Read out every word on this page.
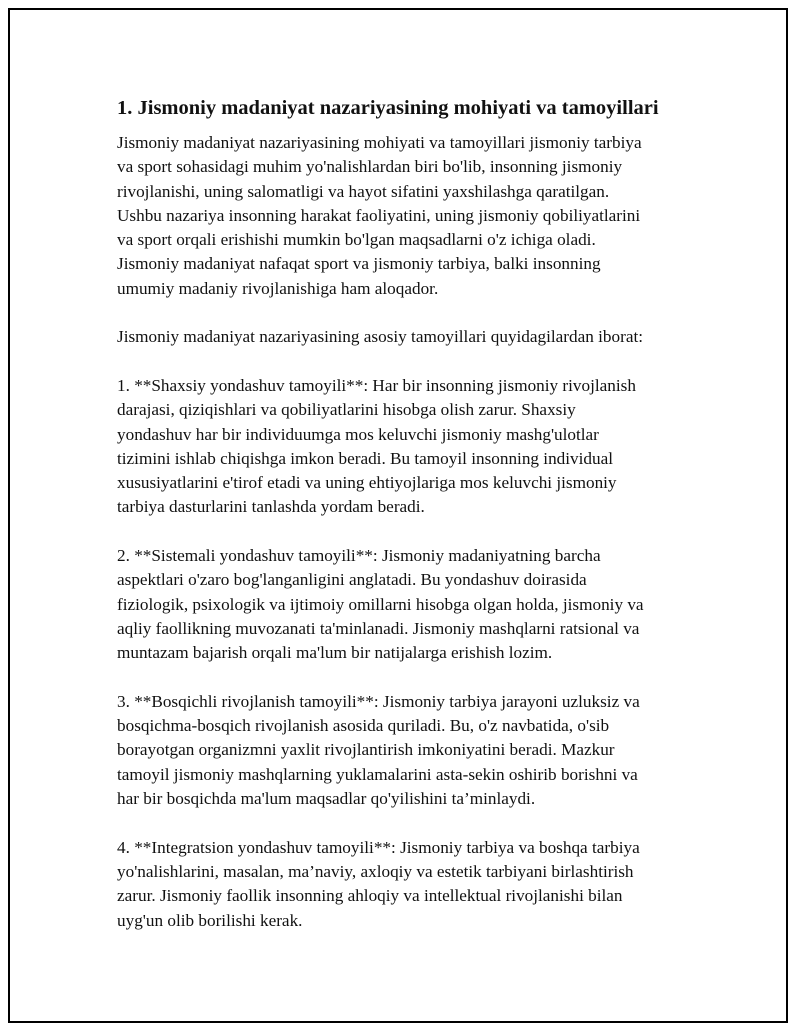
1. Jismoniy madaniyat nazariyasining mohiyati va tamoyillari

Jismoniy madaniyat nazariyasining mohiyati va tamoyillari jismoniy tarbiya
va sport sohasidagi muhim yo'nalishlardan biri bo'lib, insonning jismoniy
rivojlanishi, uning salomatligi va hayot sifatini yaxshilashga qaratilgan.
Ushbu nazariya insonning harakat faoliyatini, uning jismoniy qobiliyatlarini
va sport orqali erishishi mumkin bo'lgan maqsadlarni o'z ichiga oladi.
Jismoniy madaniyat nafaqat sport va jismoniy tarbiya, balki insonning
umumiy madaniy rivojlanishiga ham aloqador.

Jismoniy madaniyat nazariyasining asosiy tamoyillari quyidagilardan iborat:

1. **Shaxsiy yondashuv tamoyili**: Har bir insonning jismoniy rivojlanish
darajasi, qiziqishlari va qobiliyatlarini hisobga olish zarur. Shaxsiy
yondashuv har bir individuumga mos keluvchi jismoniy mashg'ulotlar
tizimini ishlab chiqishga imkon beradi. Bu tamoyil insonning individual
xususiyatlarini e'tirof etadi va uning ehtiyojlariga mos keluvchi jismoniy
tarbiya dasturlarini tanlashda yordam beradi.

2. **Sistemali yondashuv tamoyili**: Jismoniy madaniyatning barcha
aspektlari o'zaro bog'langanligini anglatadi. Bu yondashuv doirasida
fiziologik, psixologik va ijtimoiy omillarni hisobga olgan holda, jismoniy va
aqliy faollikning muvozanati ta'minlanadi. Jismoniy mashqlarni ratsional va
muntazam bajarish orqali ma'lum bir natijalarga erishish lozim.

3. **Bosqichli rivojlanish tamoyili**: Jismoniy tarbiya jarayoni uzluksiz va
bosqichma-bosqich rivojlanish asosida quriladi. Bu, o'z navbatida, o'sib
borayotgan organizmni yaxlit rivojlantirish imkoniyatini beradi. Mazkur
tamoyil jismoniy mashqlarning yuklamalarini asta-sekin oshirib borishni va
har bir bosqichda ma'lum maqsadlar qo'yilishini ta’minlaydi.

4. **Integratsion yondashuv tamoyili**: Jismoniy tarbiya va boshqa tarbiya
yo'nalishlarini, masalan, ma’naviy, axloqiy va estetik tarbiyani birlashtirish
zarur. Jismoniy faollik insonning ahloqiy va intellektual rivojlanishi bilan
uyg'un olib borilishi kerak.
